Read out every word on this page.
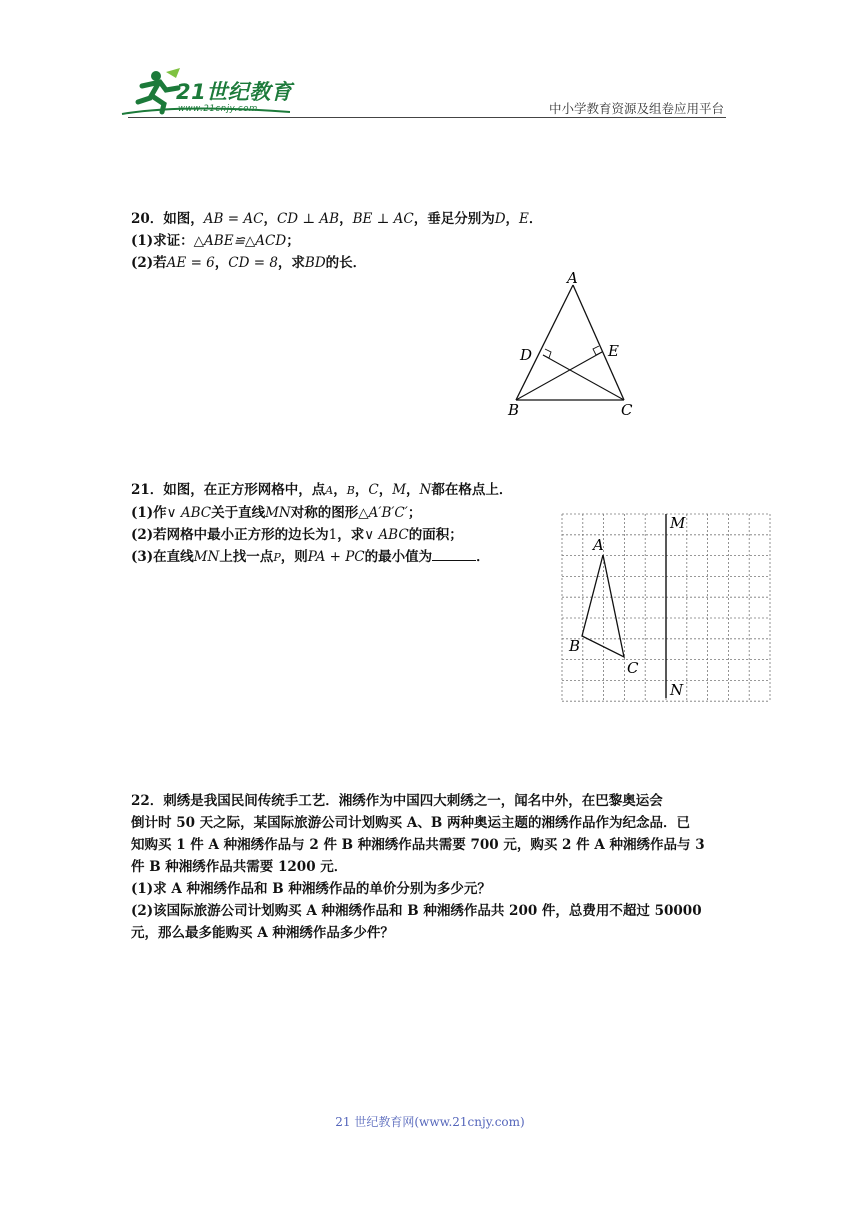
21世纪教育
www.21cnjy.com	中小学教育资源及组卷应用平台
20．如图，AB = AC，CD ⊥ AB，BE ⊥ AC，垂足分别为D，E．
(1)求证：△ABE≌△ACD；
(2)若AE = 6，CD = 8，求BD的长．
A
B	C
D	E
21．如图，在正方形网格中，点A，B，C，M，N都在格点上．
(1)作∨ ABC关于直线MN对称的图形△A′B′C′；
(2)若网格中最小正方形的边长为1，求∨ ABC的面积；
(3)在直线MN上找一点P，则PA + PC的最小值为	．
A
B
C
M
N
22．刺绣是我国民间传统手工艺．湘绣作为中国四大刺绣之一，闻名中外，在巴黎奥运会
倒计时 50 天之际，某国际旅游公司计划购买 A、B 两种奥运主题的湘绣作品作为纪念品．已
知购买 1 件 A 种湘绣作品与 2 件 B 种湘绣作品共需要 700 元，购买 2 件 A 种湘绣作品与 3
件 B 种湘绣作品共需要 1200 元．
(1)求 A 种湘绣作品和 B 种湘绣作品的单价分别为多少元？
(2)该国际旅游公司计划购买 A 种湘绣作品和 B 种湘绣作品共 200 件，总费用不超过 50000
元，那么最多能购买 A 种湘绣作品多少件？
21 世纪教育网(www.21cnjy.com)
